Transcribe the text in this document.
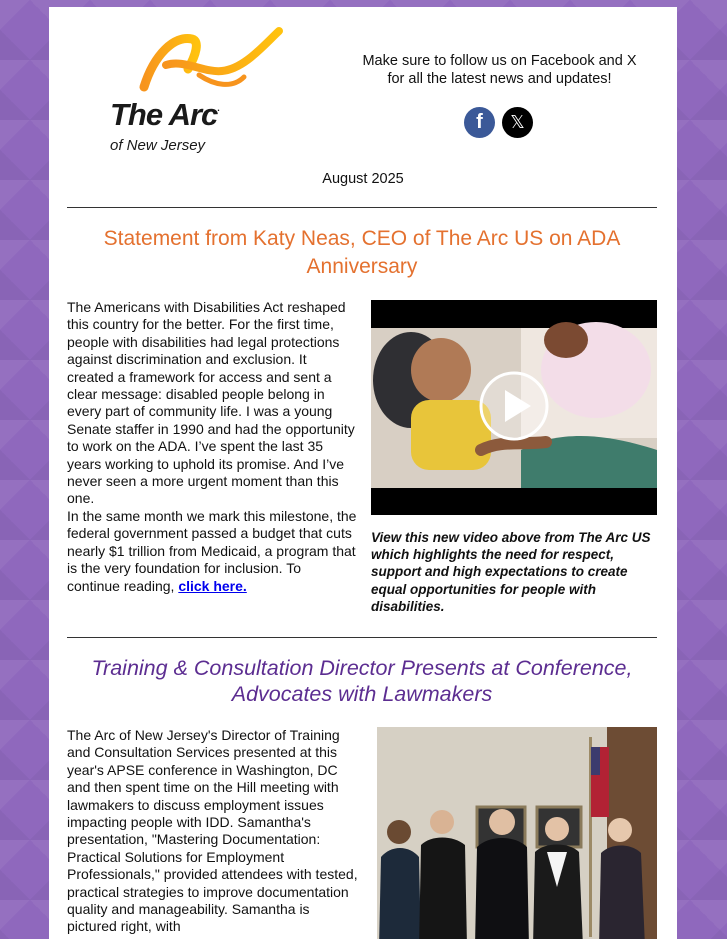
The Arc.
of New Jersey
Make sure to follow us on Facebook and X
for all the latest news and updates!
f 𝕏
August 2025
Statement from Katy Neas, CEO of The Arc US on ADA
Anniversary
The Americans with Disabilities Act reshaped this country for the better. For the first time, people with disabilities had legal protections against discrimination and exclusion. It created a framework for access and sent a clear message: disabled people belong in every part of community life. I was a young Senate staffer in 1990 and had the opportunity to work on the ADA. I’ve spent the last 35 years working to uphold its promise. And I’ve never seen a more urgent moment than this one.
In the same month we mark this milestone, the federal government passed a budget that cuts nearly $1 trillion from Medicaid, a program that is the very foundation for inclusion. To continue reading, click here.
View this new video above from The Arc US which highlights the need for respect, support and high expectations to create equal opportunities for people with disabilities.
Training & Consultation Director Presents at Conference,
Advocates with Lawmakers
The Arc of New Jersey's Director of Training and Consultation Services presented at this year's APSE conference in Washington, DC and then spent time on the Hill meeting with lawmakers to discuss employment issues impacting people with IDD. Samantha's presentation, "Mastering Documentation: Practical Solutions for Employment Professionals," provided attendees with tested, practical strategies to improve documentation quality and manageability. Samantha is pictured right, with
